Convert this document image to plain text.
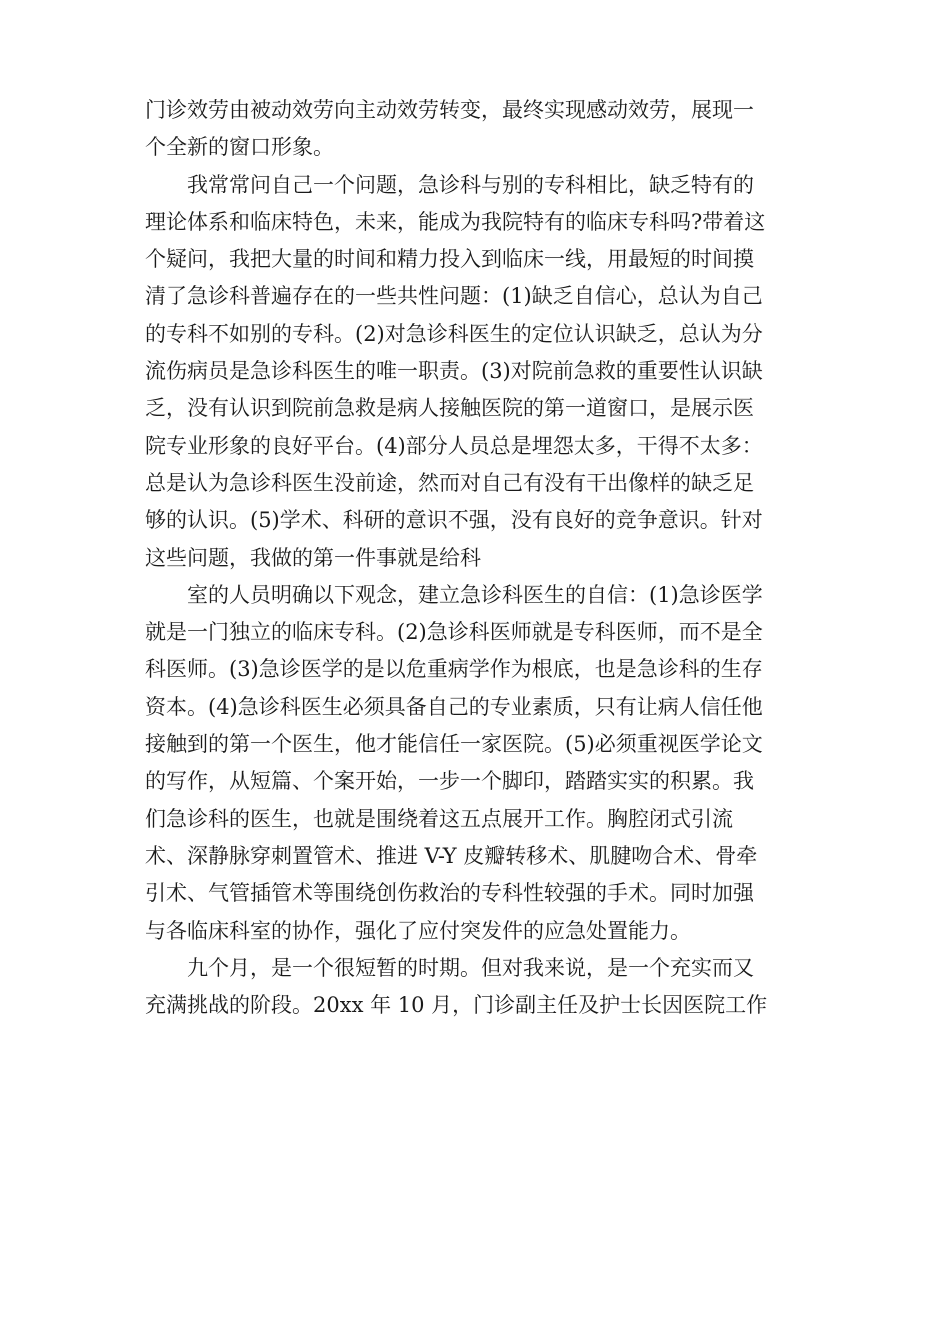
门诊效劳由被动效劳向主动效劳转变，最终实现感动效劳，展现一
个全新的窗口形象。
我常常问自己一个问题，急诊科与别的专科相比，缺乏特有的
理论体系和临床特色，未来，能成为我院特有的临床专科吗?带着这
个疑问，我把大量的时间和精力投入到临床一线，用最短的时间摸
清了急诊科普遍存在的一些共性问题：(1)缺乏自信心，总认为自己
的专科不如别的专科。(2)对急诊科医生的定位认识缺乏，总认为分
流伤病员是急诊科医生的唯一职责。(3)对院前急救的重要性认识缺
乏，没有认识到院前急救是病人接触医院的第一道窗口，是展示医
院专业形象的良好平台。(4)部分人员总是埋怨太多，干得不太多：
总是认为急诊科医生没前途，然而对自己有没有干出像样的缺乏足
够的认识。(5)学术、科研的意识不强，没有良好的竞争意识。针对
这些问题，我做的第一件事就是给科
室的人员明确以下观念，建立急诊科医生的自信：(1)急诊医学
就是一门独立的临床专科。(2)急诊科医师就是专科医师，而不是全
科医师。(3)急诊医学的是以危重病学作为根底，也是急诊科的生存
资本。(4)急诊科医生必须具备自己的专业素质，只有让病人信任他
接触到的第一个医生，他才能信任一家医院。(5)必须重视医学论文
的写作，从短篇、个案开始，一步一个脚印，踏踏实实的积累。我
们急诊科的医生，也就是围绕着这五点展开工作。胸腔闭式引流
术、深静脉穿刺置管术、推进 V-Y 皮瓣转移术、肌腱吻合术、骨牵
引术、气管插管术等围绕创伤救治的专科性较强的手术。同时加强
与各临床科室的协作，强化了应付突发件的应急处置能力。
九个月，是一个很短暂的时期。但对我来说，是一个充实而又
充满挑战的阶段。20xx 年 10 月，门诊副主任及护士长因医院工作
